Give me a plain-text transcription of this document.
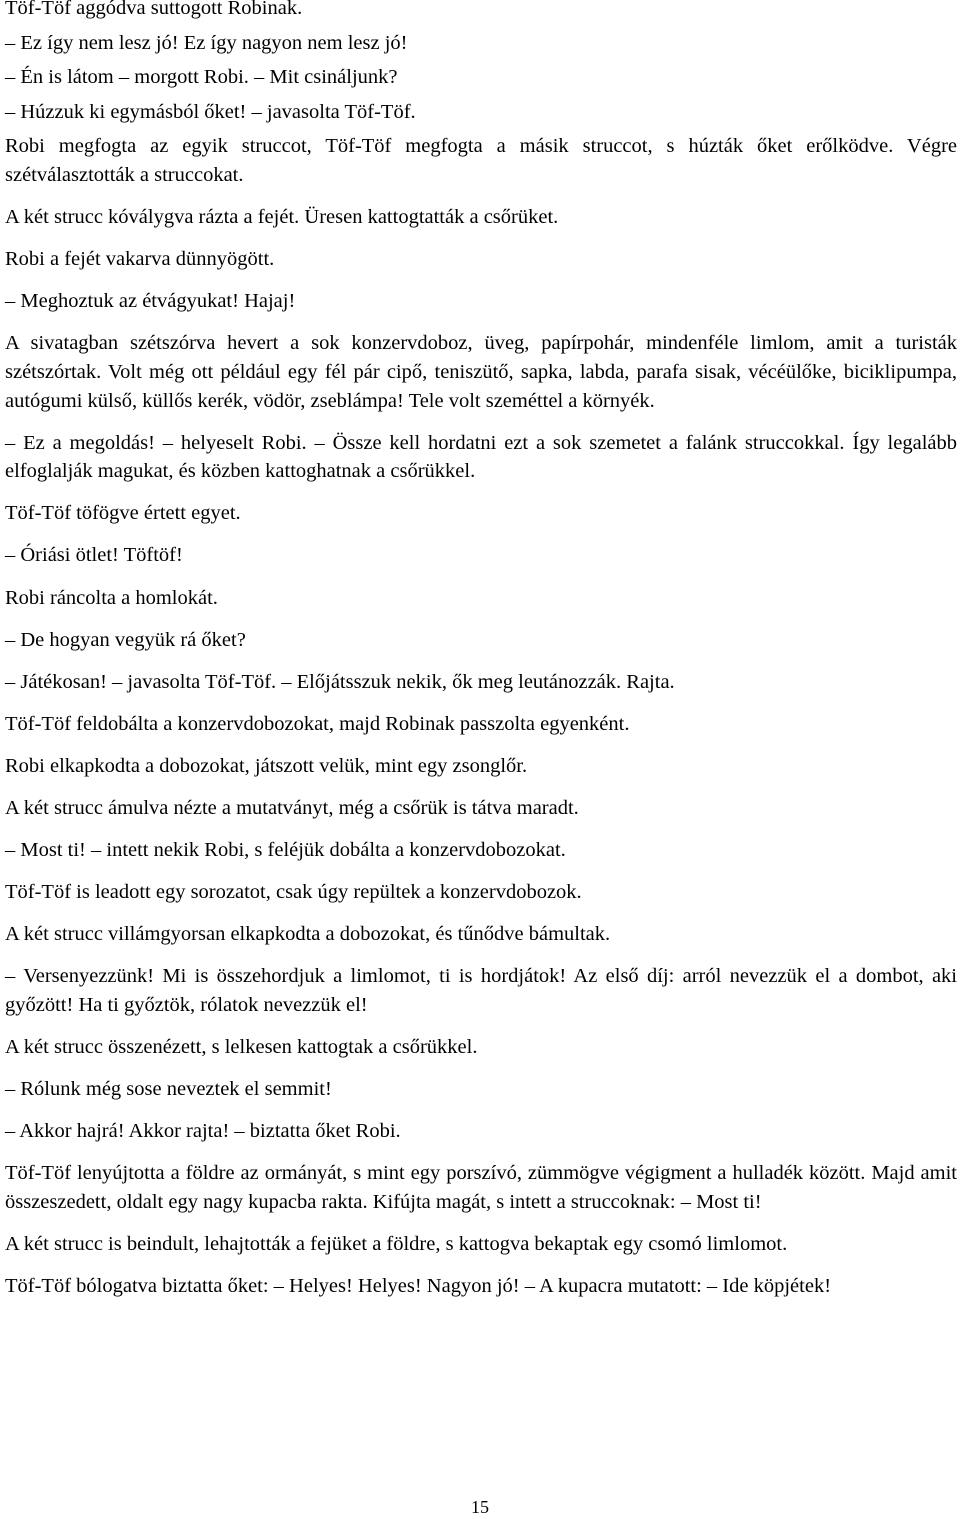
Töf-Töf aggódva suttogott Robinak.

– Ez így nem lesz jó! Ez így nagyon nem lesz jó!

– Én is látom – morgott Robi. – Mit csináljunk?

– Húzzuk ki egymásból őket! – javasolta Töf-Töf.

Robi megfogta az egyik struccot, Töf-Töf megfogta a másik struccot, s húzták őket erőlködve. Végre szétválasztották a struccokat.

A két strucc kóválygva rázta a fejét. Üresen kattogtatták a csőrüket.

Robi a fejét vakarva dünnyögött.

– Meghoztuk az étvágyukat! Hajaj!

A sivatagban szétszórva hevert a sok konzervdoboz, üveg, papírpohár, mindenféle limlom, amit a turisták szétszórtak. Volt még ott például egy fél pár cipő, teniszütő, sapka, labda, parafa sisak, vécéülőke, biciklipumpa, autógumi külső, küllős kerék, vödör, zseblámpa! Tele volt szeméttel a környék.

– Ez a megoldás! – helyeselt Robi. – Össze kell hordatni ezt a sok szemetet a falánk struccokkal. Így legalább elfoglalják magukat, és közben kattoghatnak a csőrükkel.

Töf-Töf töfögve értett egyet.

– Óriási ötlet! Töftöf!

Robi ráncolta a homlokát.

– De hogyan vegyük rá őket?

– Játékosan! – javasolta Töf-Töf. – Előjátsszuk nekik, ők meg leutánozzák. Rajta.

Töf-Töf feldobálta a konzervdobozokat, majd Robinak passzolta egyenként.

Robi elkapkodta a dobozokat, játszott velük, mint egy zsonglőr.

A két strucc ámulva nézte a mutatványt, még a csőrük is tátva maradt.

– Most ti! – intett nekik Robi, s feléjük dobálta a konzervdobozokat.

Töf-Töf is leadott egy sorozatot, csak úgy repültek a konzervdobozok.

A két strucc villámgyorsan elkapkodta a dobozokat, és tűnődve bámultak.

– Versenyezzünk! Mi is összehordjuk a limlomot, ti is hordjátok! Az első díj: arról nevezzük el a dombot, aki győzött! Ha ti győztök, rólatok nevezzük el!

A két strucc összenézett, s lelkesen kattogtak a csőrükkel.

– Rólunk még sose neveztek el semmit!

– Akkor hajrá! Akkor rajta! – biztatta őket Robi.

Töf-Töf lenyújtotta a földre az ormányát, s mint egy porszívó, zümmögve végigment a hulladék között. Majd amit összeszedett, oldalt egy nagy kupacba rakta. Kifújta magát, s intett a struccoknak: – Most ti!

A két strucc is beindult, lehajtották a fejüket a földre, s kattogva bekaptak egy csomó limlomot.

Töf-Töf bólogatva biztatta őket: – Helyes! Helyes! Nagyon jó! – A kupacra mutatott: – Ide köpjétek!

15
